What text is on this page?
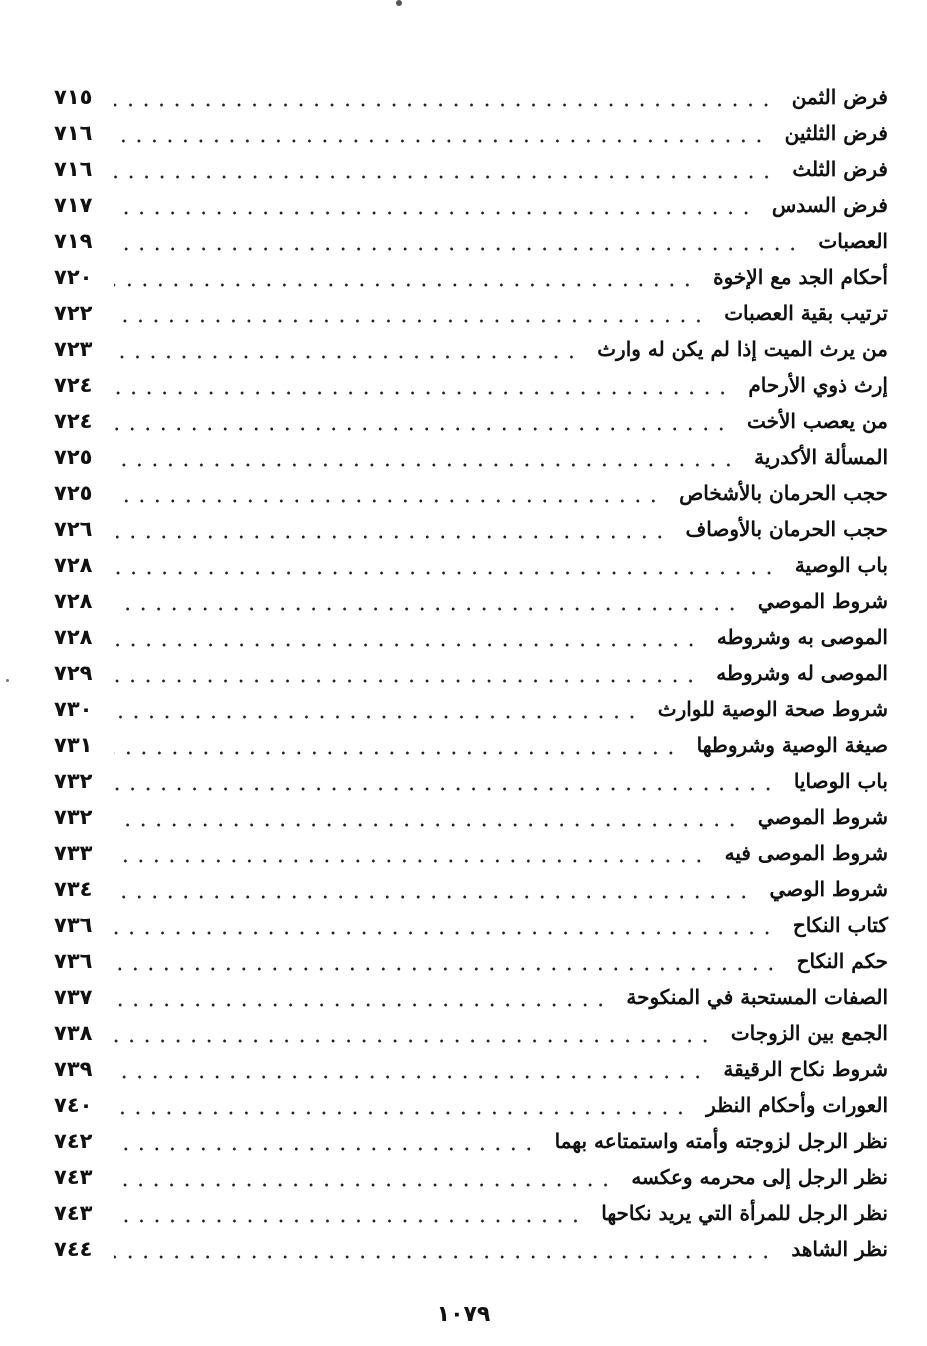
فرض الثمن
٧١٥
فرض الثلثين
٧١٦
فرض الثلث
٧١٦
فرض السدس
٧١٧
العصبات
٧١٩
أحكام الجد مع الإخوة
٧٢٠
ترتيب بقية العصبات
٧٢٢
من يرث الميت إذا لم يكن له وارث
٧٢٣
إرث ذوي الأرحام
٧٢٤
من يعصب الأخت
٧٢٤
المسألة الأكدرية
٧٢٥
حجب الحرمان بالأشخاص
٧٢٥
حجب الحرمان بالأوصاف
٧٢٦
باب الوصية
٧٢٨
شروط الموصي
٧٢٨
الموصى به وشروطه
٧٢٨
الموصى له وشروطه
٧٢٩
شروط صحة الوصية للوارث
٧٣٠
صيغة الوصية وشروطها
٧٣١
باب الوصايا
٧٣٢
شروط الموصي
٧٣٢
شروط الموصى فيه
٧٣٣
شروط الوصي
٧٣٤
كتاب النكاح
٧٣٦
حكم النكاح
٧٣٦
الصفات المستحبة في المنكوحة
٧٣٧
الجمع بين الزوجات
٧٣٨
شروط نكاح الرقيقة
٧٣٩
العورات وأحكام النظر
٧٤٠
نظر الرجل لزوجته وأمته واستمتاعه بهما
٧٤٢
نظر الرجل إلى محرمه وعكسه
٧٤٣
نظر الرجل للمرأة التي يريد نكاحها
٧٤٣
نظر الشاهد
٧٤٤
١٠٧٩
